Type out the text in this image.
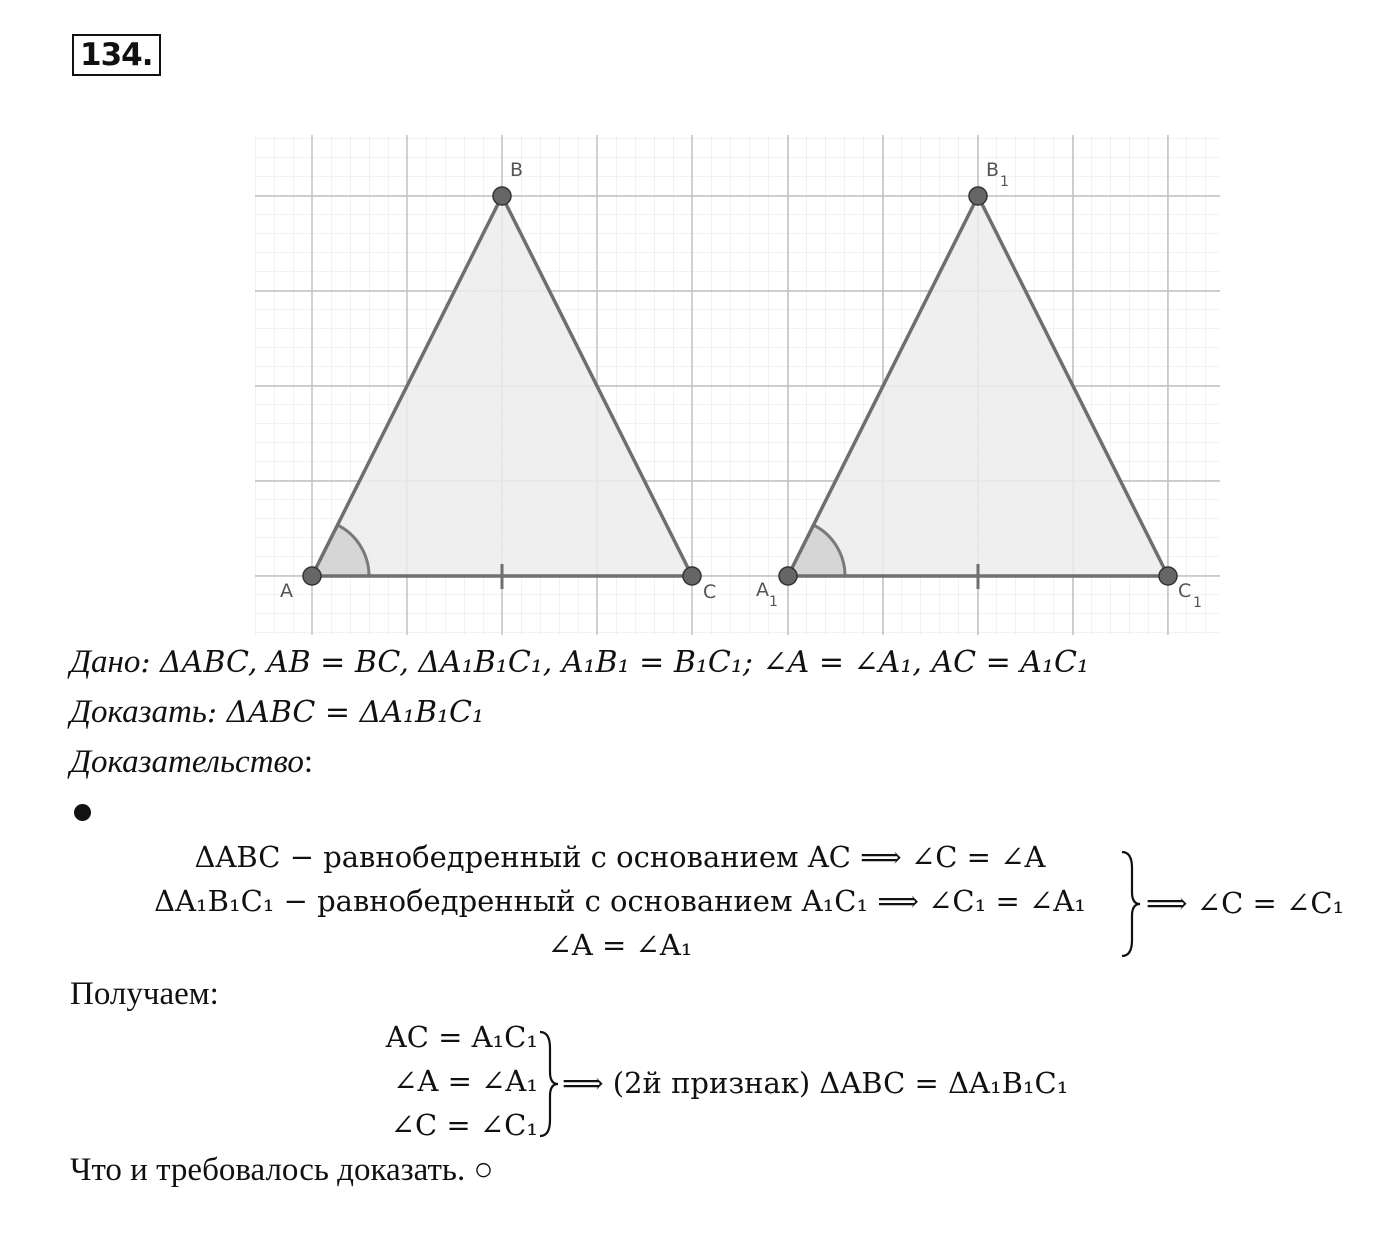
134.
A
B
C A
1
B
1
C
1
Дано: ΔABC, AB = BC, ΔA₁B₁C₁, A₁B₁ = B₁C₁; ∠A = ∠A₁, AC = A₁C₁
Доказать: ΔABC = ΔA₁B₁C₁
Доказательство:
ΔABC − равнобедренный с основанием AC ⟹ ∠C = ∠A
ΔA₁B₁C₁ − равнобедренный с основанием A₁C₁ ⟹ ∠C₁ = ∠A₁
∠A = ∠A₁
⟹ ∠C = ∠C₁
Получаем:
AC = A₁C₁
∠A = ∠A₁
∠C = ∠C₁
⟹ (2й признак) ΔABC = ΔA₁B₁C₁
Что и требовалось доказать. ○
